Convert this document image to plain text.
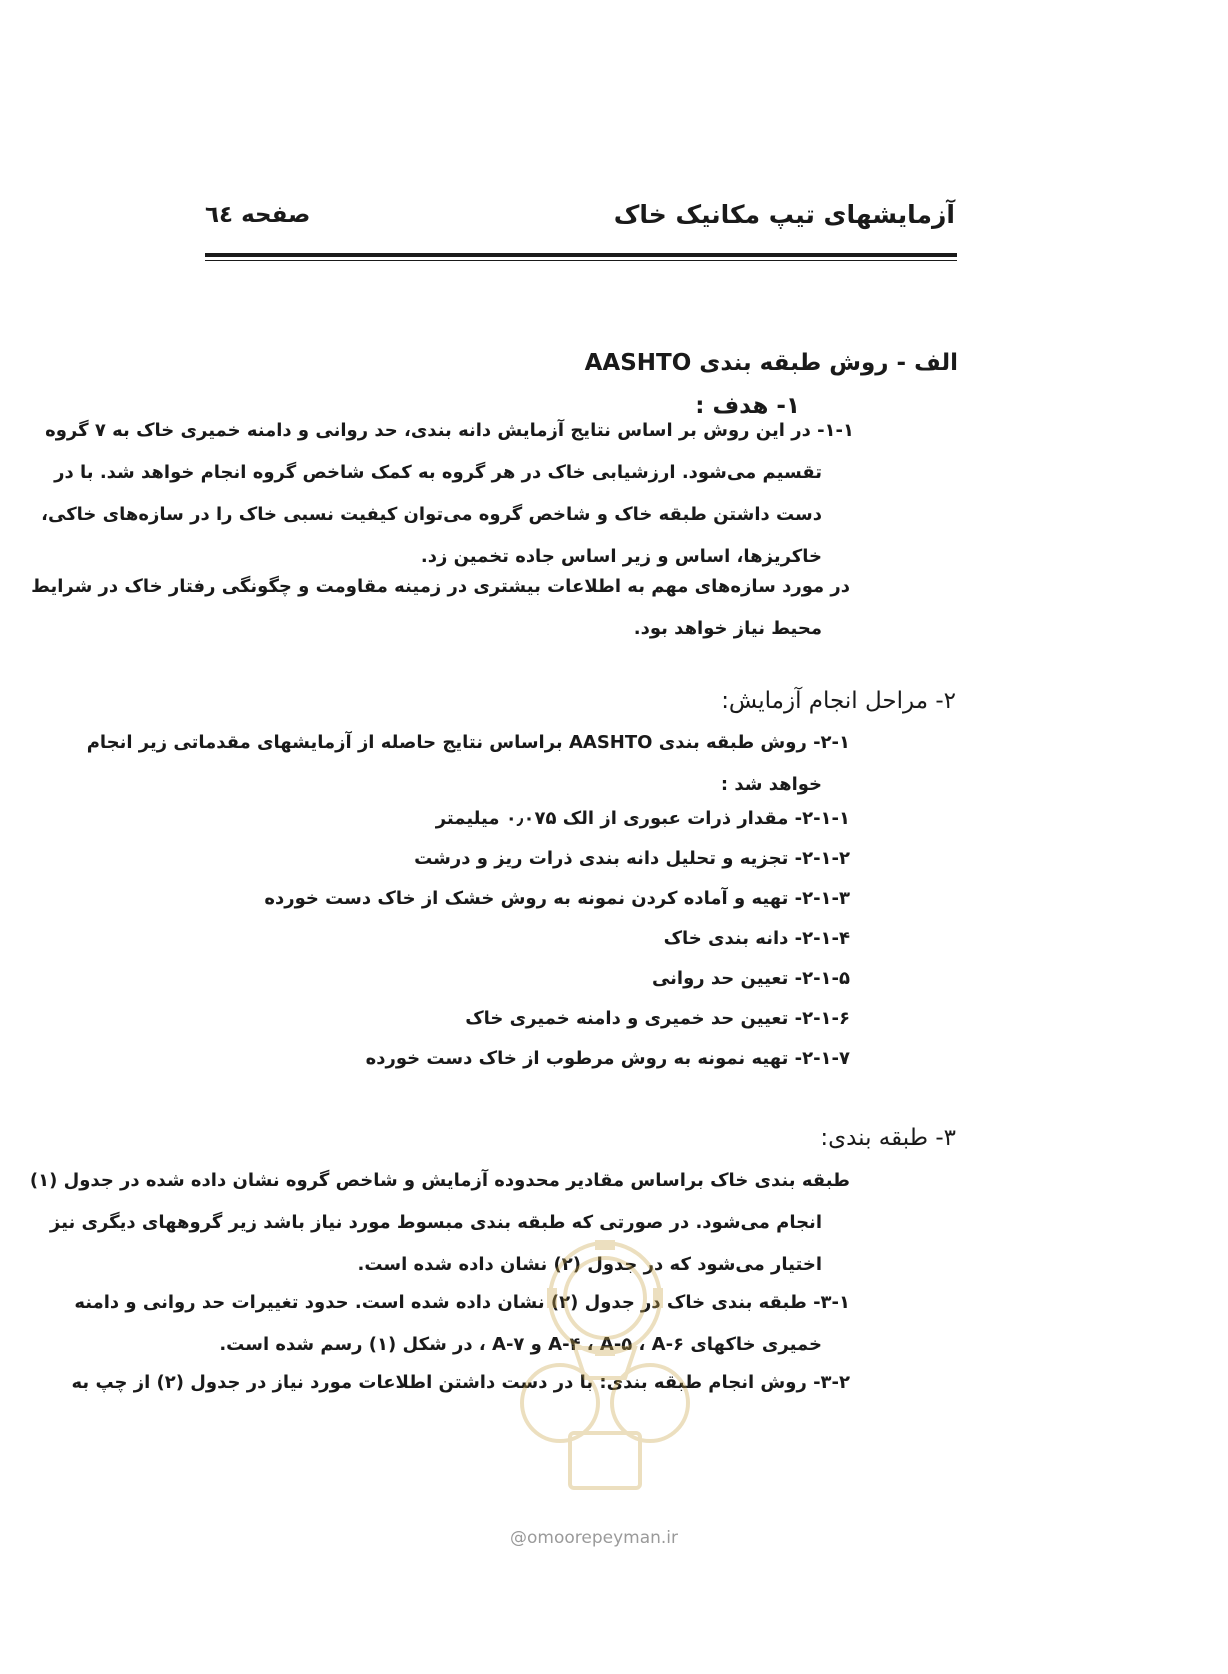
آزمایشهای تیپ مکانیک خاک
صفحه ٦٤
الف - روش طبقه بندی AASHTO
۱- هدف :
۱-۱- در این روش بر اساس نتایج آزمایش دانه بندی، حد روانی و دامنه خمیری خاک به ۷ گروه
تقسیم می‌شود. ارزشیابی خاک در هر گروه به کمک شاخص گروه انجام خواهد شد. با در
دست داشتن طبقه خاک و شاخص گروه می‌توان کیفیت نسبی خاک را در سازه‌های خاکی،
خاکریزها، اساس و زیر اساس جاده تخمین زد.
در مورد سازه‌های مهم به اطلاعات بیشتری در زمینه مقاومت و چگونگی رفتار خاک در شرایط
محیط نیاز خواهد بود.
۲- مراحل انجام آزمایش:
۲-۱- روش طبقه بندی AASHTO براساس نتایج حاصله از آزمایشهای مقدماتی زیر انجام
خواهد شد :
۲-۱-۱- مقدار ذرات عبوری از الک ۰٫۰۷۵ میلیمتر
۲-۱-۲- تجزیه و تحلیل دانه بندی ذرات ریز و درشت
۲-۱-۳- تهیه و آماده کردن نمونه به روش خشک از خاک دست خورده
۲-۱-۴- دانه بندی خاک
۲-۱-۵- تعیین حد روانی
۲-۱-۶- تعیین حد خمیری و دامنه خمیری خاک
۲-۱-۷- تهیه نمونه به روش مرطوب از خاک دست خورده
۳- طبقه بندی:
طبقه بندی خاک براساس مقادیر محدوده آزمایش و شاخص گروه نشان داده شده در جدول (۱)
انجام می‌شود. در صورتی که طبقه بندی مبسوط مورد نیاز باشد زیر گروههای دیگری نیز
اختیار می‌شود که در جدول (۲) نشان داده شده است.
۳-۱- طبقه بندی خاک در جدول (۲) نشان داده شده است. حدود تغییرات حد روانی و دامنه
خمیری خاکهای A-۴ ، A-۵ ، A-۶ و A-۷ ، در شکل (۱) رسم شده است.
۳-۲- روش انجام طبقه بندی: با در دست داشتن اطلاعات مورد نیاز در جدول (۲) از چپ به
@omoorepeyman.ir
